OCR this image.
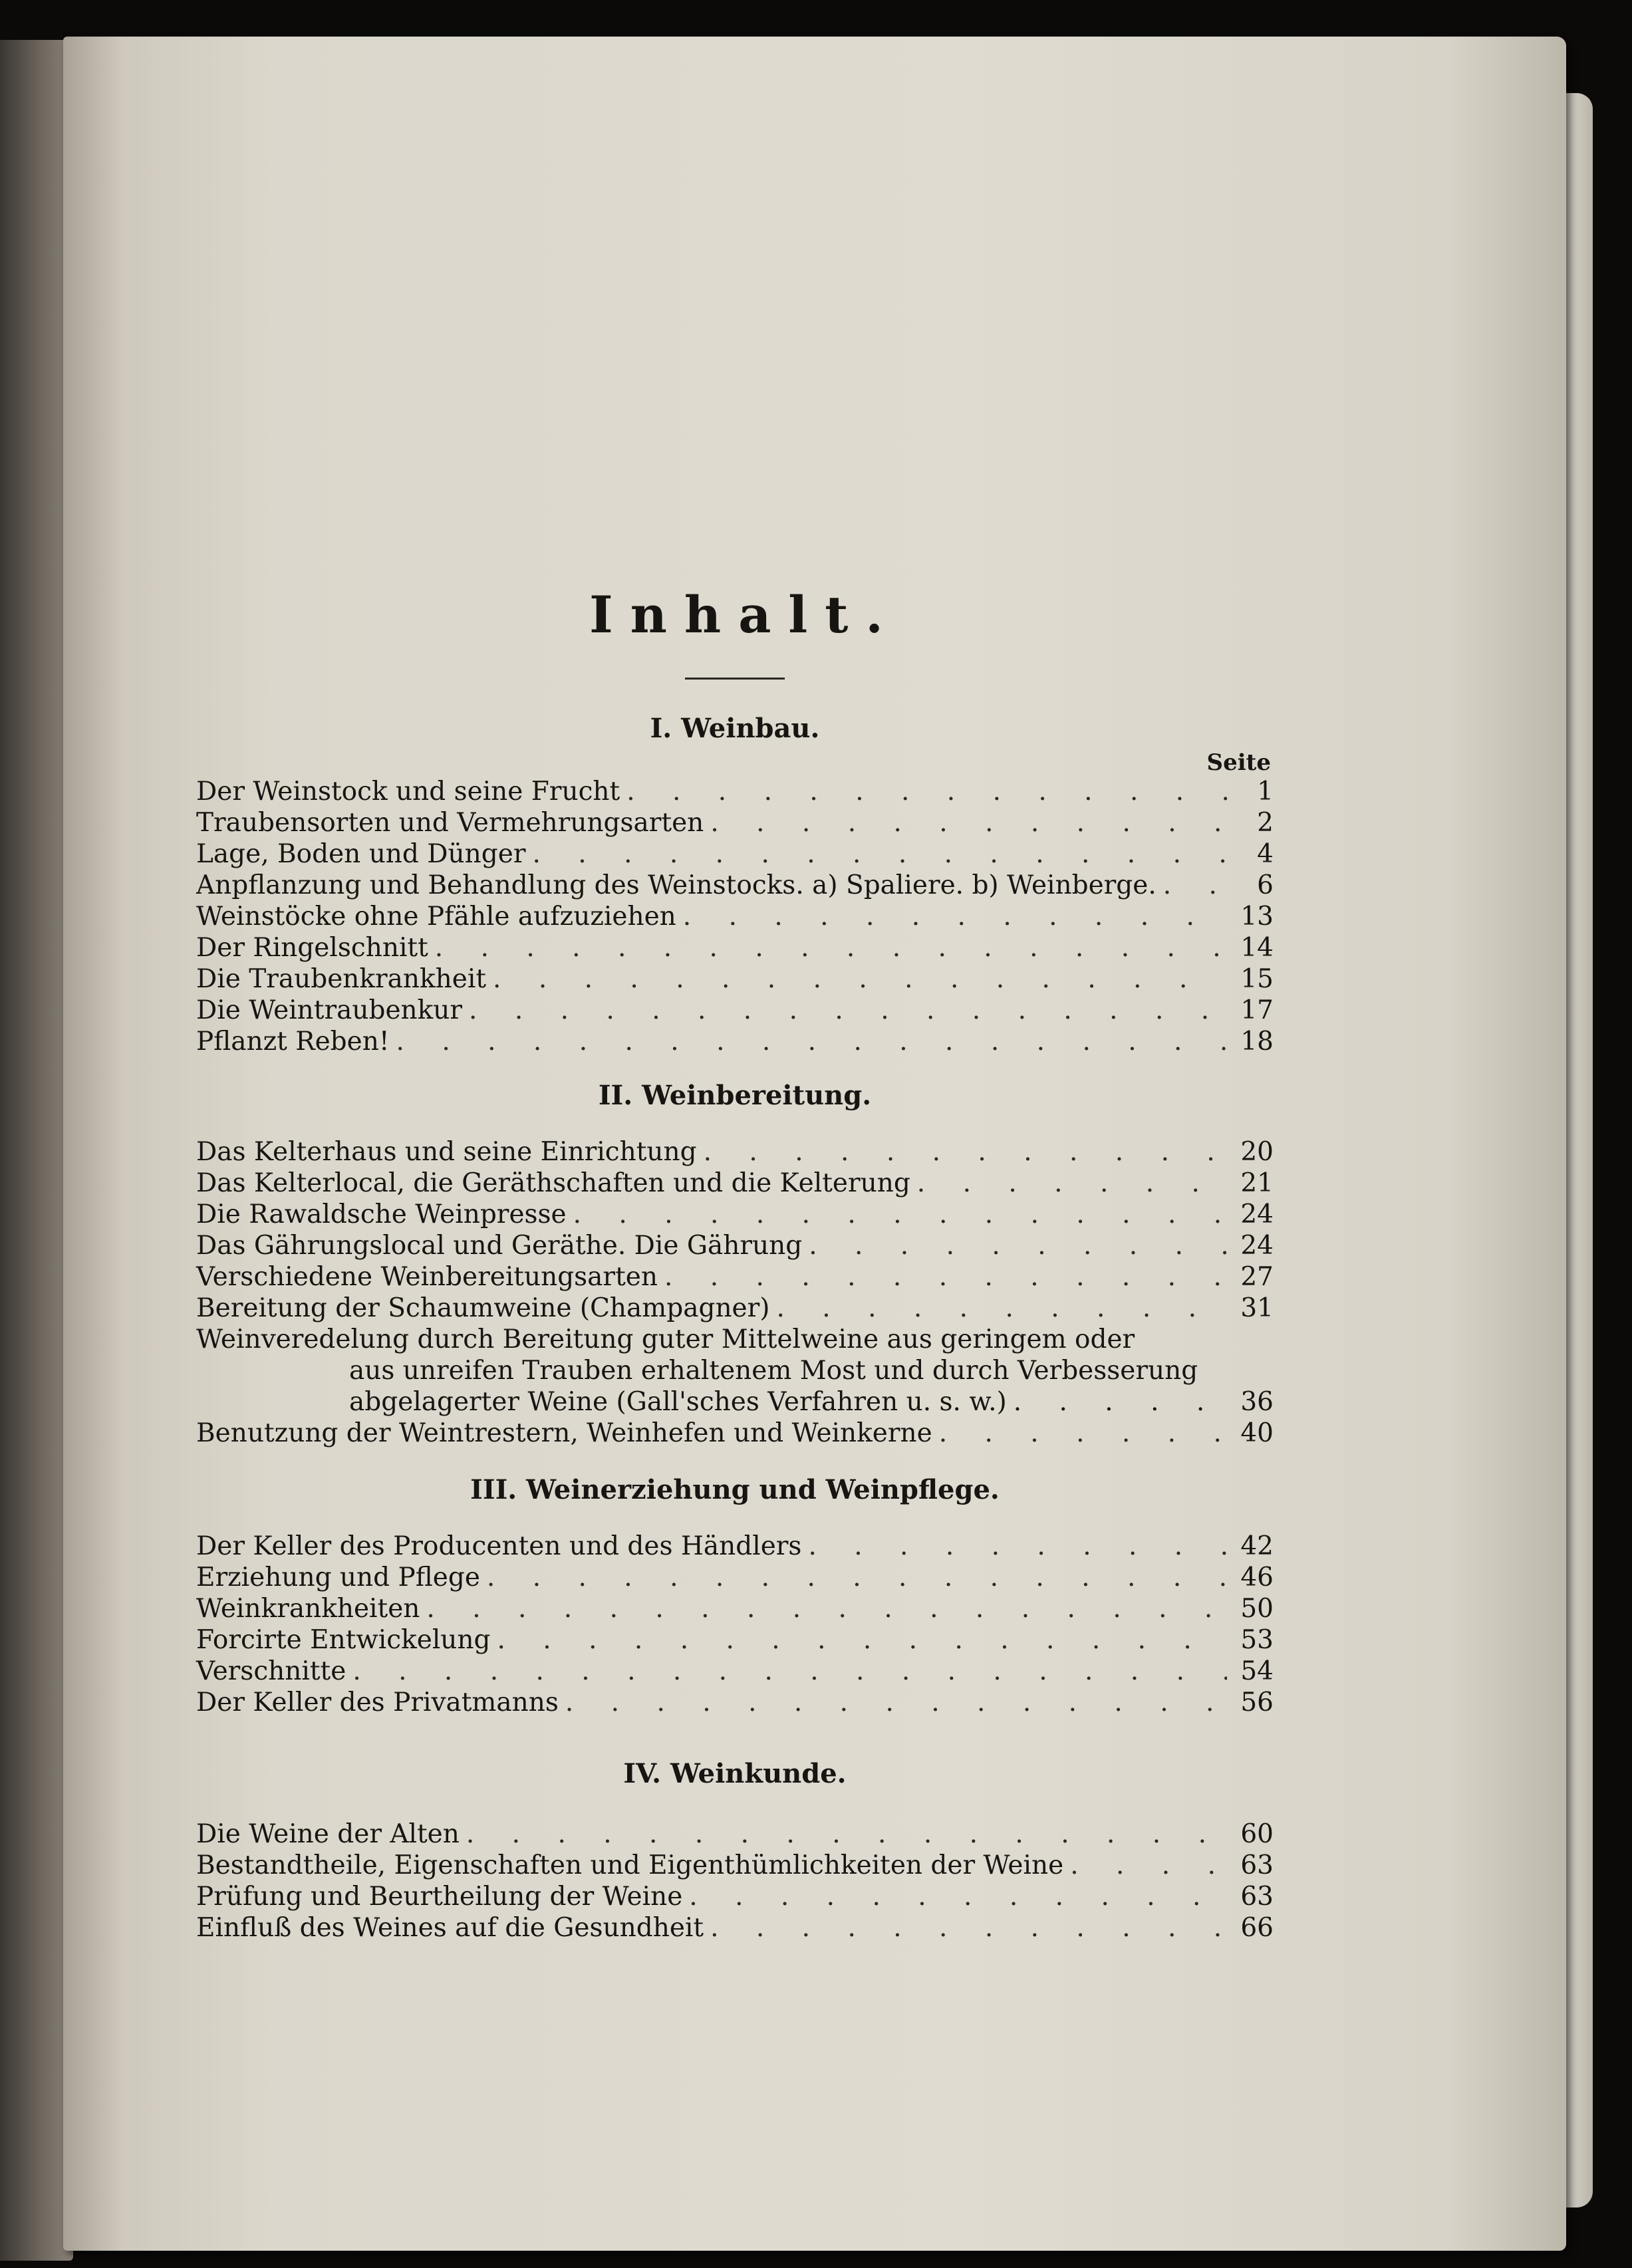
Inhalt.
I. Weinbau.
Seite
Der Weinstock und seine Frucht . . .	1
Traubensorten und Vermehrungsarten . . .	2
Lage, Boden und Dünger . . .	4
Anpflanzung und Behandlung des Weinstocks. a) Spaliere. b) Weinberge. . . .	6
Weinstöcke ohne Pfähle aufzuziehen . . .	13
Der Ringelschnitt . . .	14
Die Traubenkrankheit . . .	15
Die Weintraubenkur . . .	17
Pflanzt Reben! . . .	18
II. Weinbereitung.
Das Kelterhaus und seine Einrichtung . . .	20
Das Kelterlocal, die Geräthschaften und die Kelterung . . .	21
Die Rawaldsche Weinpresse . . .	24
Das Gährungslocal und Geräthe. Die Gährung . . .	24
Verschiedene Weinbereitungsarten . . .	27
Bereitung der Schaumweine (Champagner) . . .	31
Weinveredelung durch Bereitung guter Mittelweine aus geringem oder
aus unreifen Trauben erhaltenem Most und durch Verbesserung
abgelagerter Weine (Gall'sches Verfahren u. s. w.) . . .	36
Benutzung der Weintrestern, Weinhefen und Weinkerne . . .	40
III. Weinerziehung und Weinpflege.
Der Keller des Producenten und des Händlers . . .	42
Erziehung und Pflege . . .	46
Weinkrankheiten . . .	50
Forcirte Entwickelung . . .	53
Verschnitte . . .	54
Der Keller des Privatmanns . . .	56
IV. Weinkunde.
Die Weine der Alten . . .	60
Bestandtheile, Eigenschaften und Eigenthümlichkeiten der Weine . . .	63
Prüfung und Beurtheilung der Weine . . .	63
Einfluß des Weines auf die Gesundheit . . .	66
